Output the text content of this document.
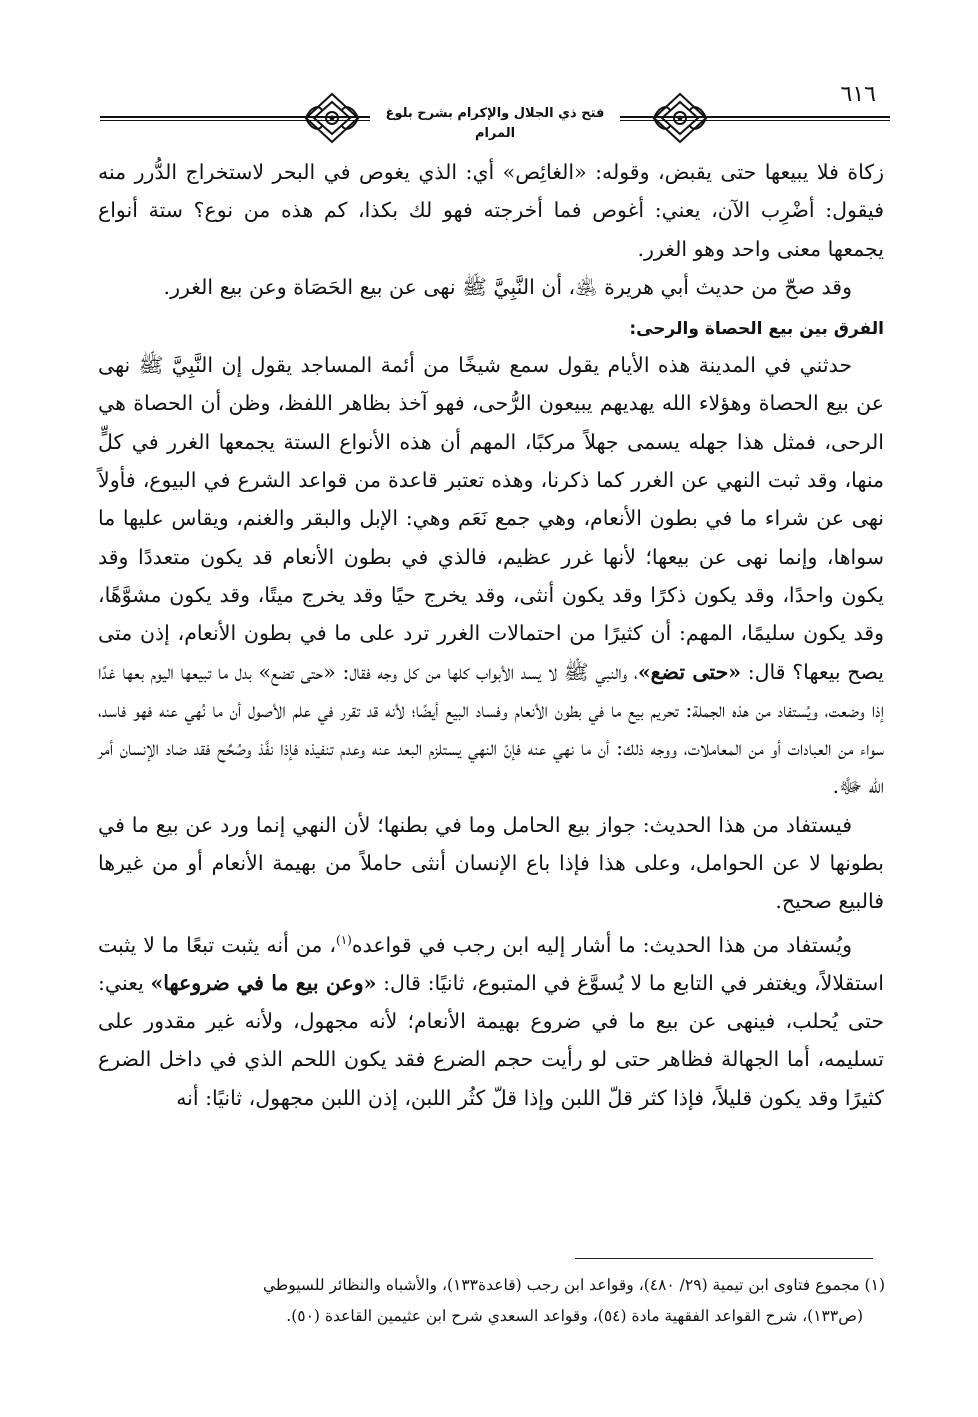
فتح ذي الجلال والإكرام بشرح بلوغ المرام
٦١٦

زكاة فلا يبيعها حتى يقبض، وقوله: «الغائِص» أي: الذي يغوص في البحر لاستخراج الدُّرر منه فيقول: أضْرِب الآن، يعني: أغوص فما أخرجته فهو لك بكذا، كم هذه من نوع؟ ستة أنواع يجمعها معنى واحد وهو الغرر.

وقد صحّ من حديث أبي هريرة ﵁، أن النَّبِيَّ ﷺ نهى عن بيع الحَصَاة وعن بيع الغرر.

الفرق بين بيع الحصاة والرحى:

حدثني في المدينة هذه الأيام يقول سمع شيخًا من أئمة المساجد يقول إن النَّبِيَّ ﷺ نهى عن بيع الحصاة وهؤلاء الله يهديهم يبيعون الرُّحى، فهو آخذ بظاهر اللفظ، وظن أن الحصاة هي الرحى، فمثل هذا جهله يسمى جهلاً مركبًا، المهم أن هذه الأنواع الستة يجمعها الغرر في كلٍّ منها، وقد ثبت النهي عن الغرر كما ذكرنا، وهذه تعتبر قاعدة من قواعد الشرع في البيوع، فأولاً نهى عن شراء ما في بطون الأنعام، وهي جمع نَعَم وهي: الإبل والبقر والغنم، ويقاس عليها ما سواها، وإنما نهى عن بيعها؛ لأنها غرر عظيم، فالذي في بطون الأنعام قد يكون متعددًا وقد يكون واحدًا، وقد يكون ذكرًا وقد يكون أنثى، وقد يخرج حيًا وقد يخرج ميتًا، وقد يكون مشوَّهًا، وقد يكون سليمًا، المهم: أن كثيرًا من احتمالات الغرر ترد على ما في بطون الأنعام، إذن متى يصح بيعها؟ قال: «حتى تضع»، والنبي ﷺ لا يسد الأبواب كلها من كل وجه فقال: «حتى تضع» بدل ما تبيعها اليوم بعها غدًا إذا وضعت، ويُستفاد من هذه الجملة: تحريم بيع ما في بطون الأنعام وفساد البيع أيضًا؛ لأنه قد تقرر في علم الأصول أن ما نُهي عنه فهو فاسد، سواء من العبادات أو من المعاملات، ووجه ذلك: أن ما نهي عنه فإنّ النهي يستلزم البعد عنه وعدم تنفيذه فإذا نفَّذ وصُحِّح فقد ضاد الإنسان أمر الله ﷻ.

فيستفاد من هذا الحديث: جواز بيع الحامل وما في بطنها؛ لأن النهي إنما ورد عن بيع ما في بطونها لا عن الحوامل، وعلى هذا فإذا باع الإنسان أنثى حاملاً من بهيمة الأنعام أو من غيرها فالبيع صحيح.

ويُستفاد من هذا الحديث: ما أشار إليه ابن رجب في قواعده$^{(١)}$، من أنه يثبت تبعًا ما لا يثبت استقلالاً، ويغتفر في التابع ما لا يُسوَّغ في المتبوع، ثانيًا: قال: «وعن بيع ما في ضروعها» يعني: حتى يُحلب، فينهى عن بيع ما في ضروع بهيمة الأنعام؛ لأنه مجهول، ولأنه غير مقدور على تسليمه، أما الجهالة فظاهر حتى لو رأيت حجم الضرع فقد يكون اللحم الذي في داخل الضرع كثيرًا وقد يكون قليلاً، فإذا كثر قلّ اللبن وإذا قلّ كثُر اللبن، إذن اللبن مجهول، ثانيًا: أنه

(١) مجموع فتاوى ابن تيمية (٢٩/ ٤٨٠)، وقواعد ابن رجب (قاعدة١٣٣)، والأشباه والنظائر للسيوطي

(ص١٣٣)، شرح القواعد الفقهية مادة (٥٤)، وقواعد السعدي شرح ابن عثيمين القاعدة (٥٠).
